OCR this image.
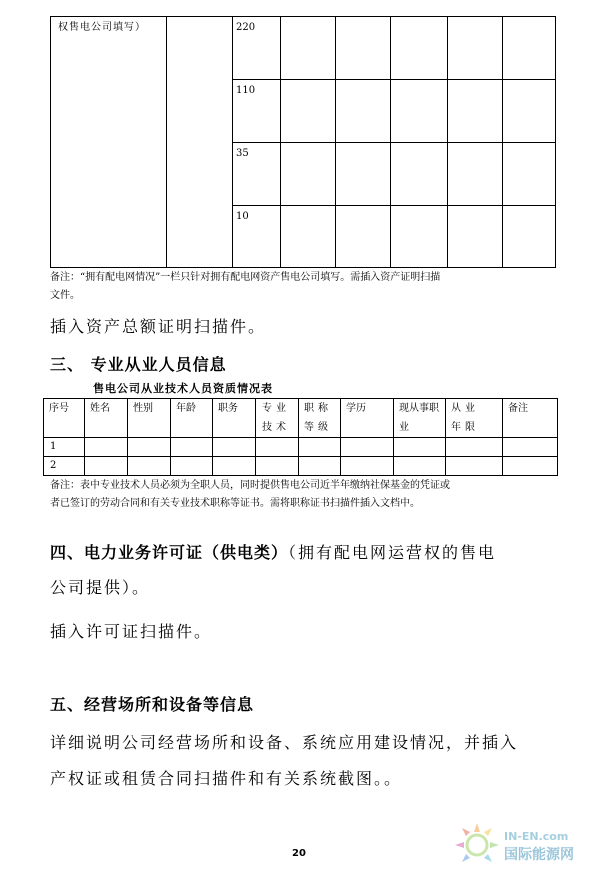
权售电公司填写）	220
110
35
10
备注：“拥有配电网情况”一栏只针对拥有配电网资产售电公司填写。需插入资产证明扫描
文件。
插入资产总额证明扫描件。
三、 专业从业人员信息
售电公司从业技术人员资质情况表
序号 姓名 性别 年龄 职务 专业技术
职称等级
学历	现从事职业
从业年限
备注
1
2
备注：表中专业技术人员必须为全职人员，同时提供售电公司近半年缴纳社保基金的凭证或
者已签订的劳动合同和有关专业技术职称等证书。需将职称证书扫描件插入文档中。
四、电力业务许可证（供电类）（拥有配电网运营权的售电
公司提供）。
插入许可证扫描件。
五、经营场所和设备等信息
详细说明公司经营场所和设备、系统应用建设情况，并插入
产权证或租赁合同扫描件和有关系统截图。。
20
IN-EN.com
国际能源网
